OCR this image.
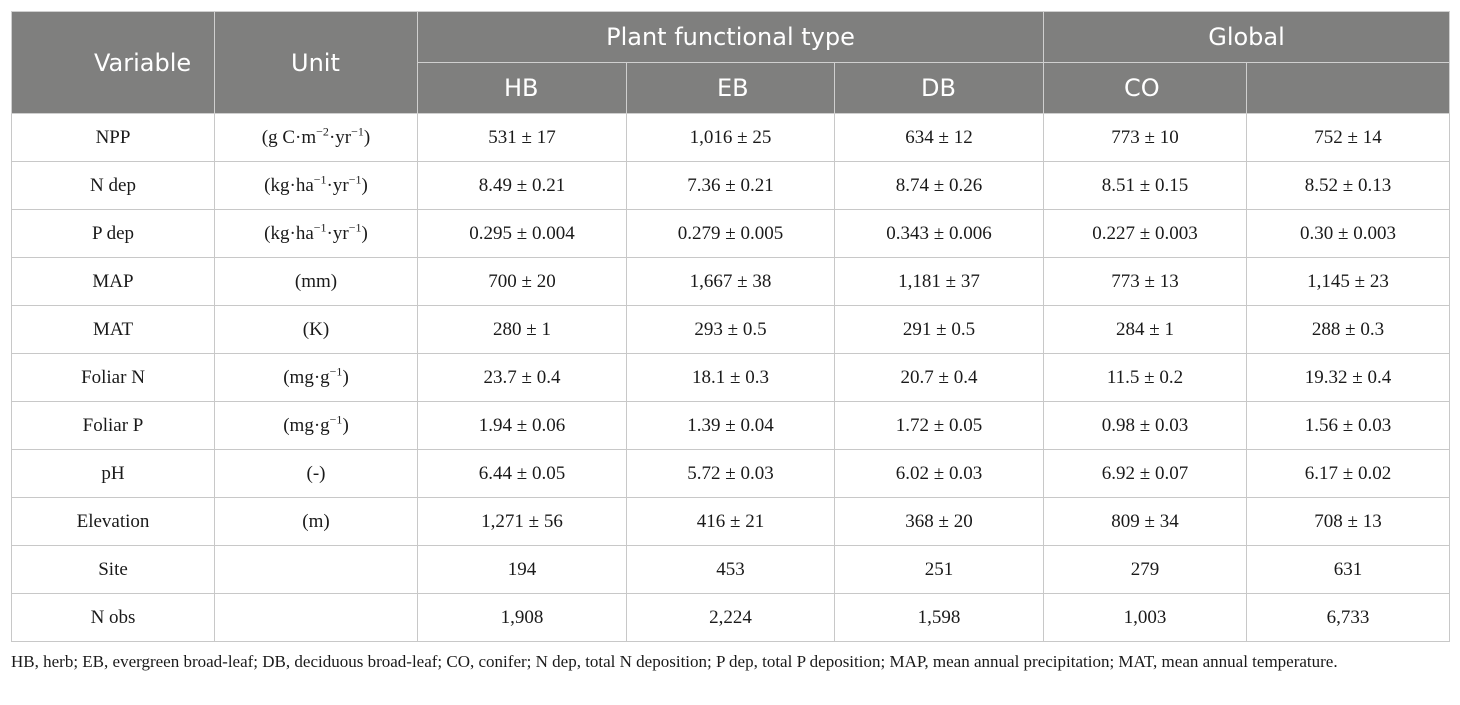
Variable	Unit	Plant functional type			Global	
		HB	EB	DB	CO	
NPP	(g $C\cdot m^{-2}\cdot yr^{-1}$)	531 ± 17	1,016 ± 25	634 ± 12	773 ± 10	752 ± 14
N dep	$(kg\cdot ha^{-1}\cdot yr^{-1})$	8.49 ± 0.21	7.36 ± 0.21	8.74 ± 0.26	8.51 ± 0.15	8.52 ± 0.13
P dep	$(kg\cdot ha^{-1}\cdot yr^{-1})$	0.295 ± 0.004	0.279 ± 0.005	0.343 ± 0.006	0.227 ± 0.003	0.30 ± 0.003
MAP	(mm)	700 ± 20	1,667 ± 38	1,181 ± 37	773 ± 13	1,145 ± 23
MAT	(K)	280 ± 1	293 ± 0.5	291 ± 0.5	284 ± 1	288 ± 0.3
Foliar N	$(mg\cdot g^{-1})$	23.7 ± 0.4	18.1 ± 0.3	20.7 ± 0.4	11.5 ± 0.2	19.32 ± 0.4
Foliar P	$(mg\cdot g^{-1})$	1.94 ± 0.06	1.39 ± 0.04	1.72 ± 0.05	0.98 ± 0.03	1.56 ± 0.03
pH	(-)	6.44 ± 0.05	5.72 ± 0.03	6.02 ± 0.03	6.92 ± 0.07	6.17 ± 0.02
Elevation	(m)	1,271 ± 56	416 ± 21	368 ± 20	809 ± 34	708 ± 13
Site		194	453	251	279	631
N obs		1,908	2,224	1,598	1,003	6,733
HB, herb; EB, evergreen broad-leaf; DB, deciduous broad-leaf; CO, conifer; N dep, total N deposition; P dep, total P deposition; MAP, mean annual precipitation; MAT, mean annual temperature.
